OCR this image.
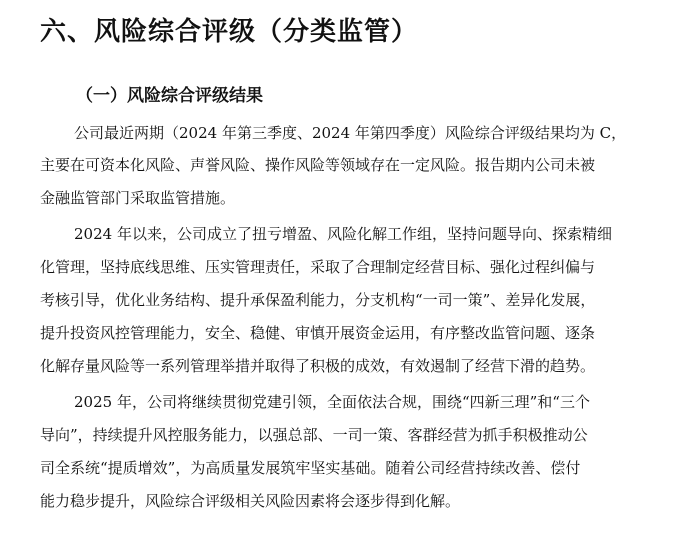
六、风险综合评级（分类监管）
（一）风险综合评级结果
公司最近两期（2024 年第三季度、2024 年第四季度）风险综合评级结果均为 C，
主要在可资本化风险、声誉风险、操作风险等领域存在一定风险。报告期内公司未被
金融监管部门采取监管措施。
2024 年以来，公司成立了扭亏增盈、风险化解工作组，坚持问题导向、探索精细
化管理，坚持底线思维、压实管理责任，采取了合理制定经营目标、强化过程纠偏与
考核引导，优化业务结构、提升承保盈利能力，分支机构“一司一策”、差异化发展，
提升投资风控管理能力，安全、稳健、审慎开展资金运用，有序整改监管问题、逐条
化解存量风险等一系列管理举措并取得了积极的成效，有效遏制了经营下滑的趋势。
2025 年，公司将继续贯彻党建引领，全面依法合规，围绕“四新三理”和“三个
导向”，持续提升风控服务能力，以强总部、一司一策、客群经营为抓手积极推动公
司全系统“提质增效”，为高质量发展筑牢坚实基础。随着公司经营持续改善、偿付
能力稳步提升，风险综合评级相关风险因素将会逐步得到化解。
